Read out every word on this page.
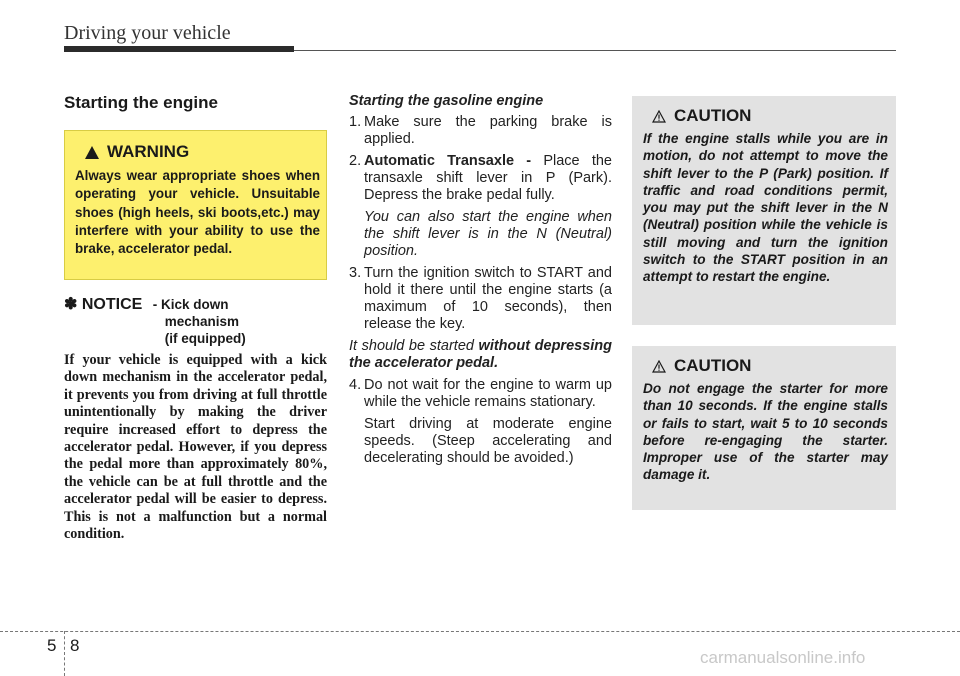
Driving your vehicle
Starting the engine
WARNING
Always wear appropriate shoes when operating your vehicle. Unsuitable shoes (high heels, ski boots,etc.) may interfere with your ability to use the brake, accelerator pedal.
✽ NOTICE - Kick down
mechanism
(if equipped)
If your vehicle is equipped with a kick down mechanism in the accelerator pedal, it prevents you from driving at full throttle unintentionally by making the driver require increased effort to depress the accelerator pedal. However, if you depress the pedal more than approximately 80%, the vehicle can be at full throttle and the accelerator pedal will be easier to depress. This is not a malfunction but a normal condition.
Starting the gasoline engine
1. Make sure the parking brake is applied.
2. Automatic Transaxle - Place the transaxle shift lever in P (Park). Depress the brake pedal fully.
You can also start the engine when the shift lever is in the N (Neutral) position.
3. Turn the ignition switch to START and hold it there until the engine starts (a maximum of 10 seconds), then release the key.
It should be started without depressing the accelerator pedal.
4. Do not wait for the engine to warm up while the vehicle remains stationary.
Start driving at moderate engine speeds. (Steep accelerating and decelerating should be avoided.)
CAUTION
If the engine stalls while you are in motion, do not attempt to move the shift lever to the P (Park) position. If traffic and road conditions permit, you may put the shift lever in the N (Neutral) position while the vehicle is still moving and turn the ignition switch to the START position in an attempt to restart the engine.
CAUTION
Do not engage the starter for more than 10 seconds. If the engine stalls or fails to start, wait 5 to 10 seconds before re-engaging the starter. Improper use of the starter may damage it.
5 8
carmanualsonline.info
